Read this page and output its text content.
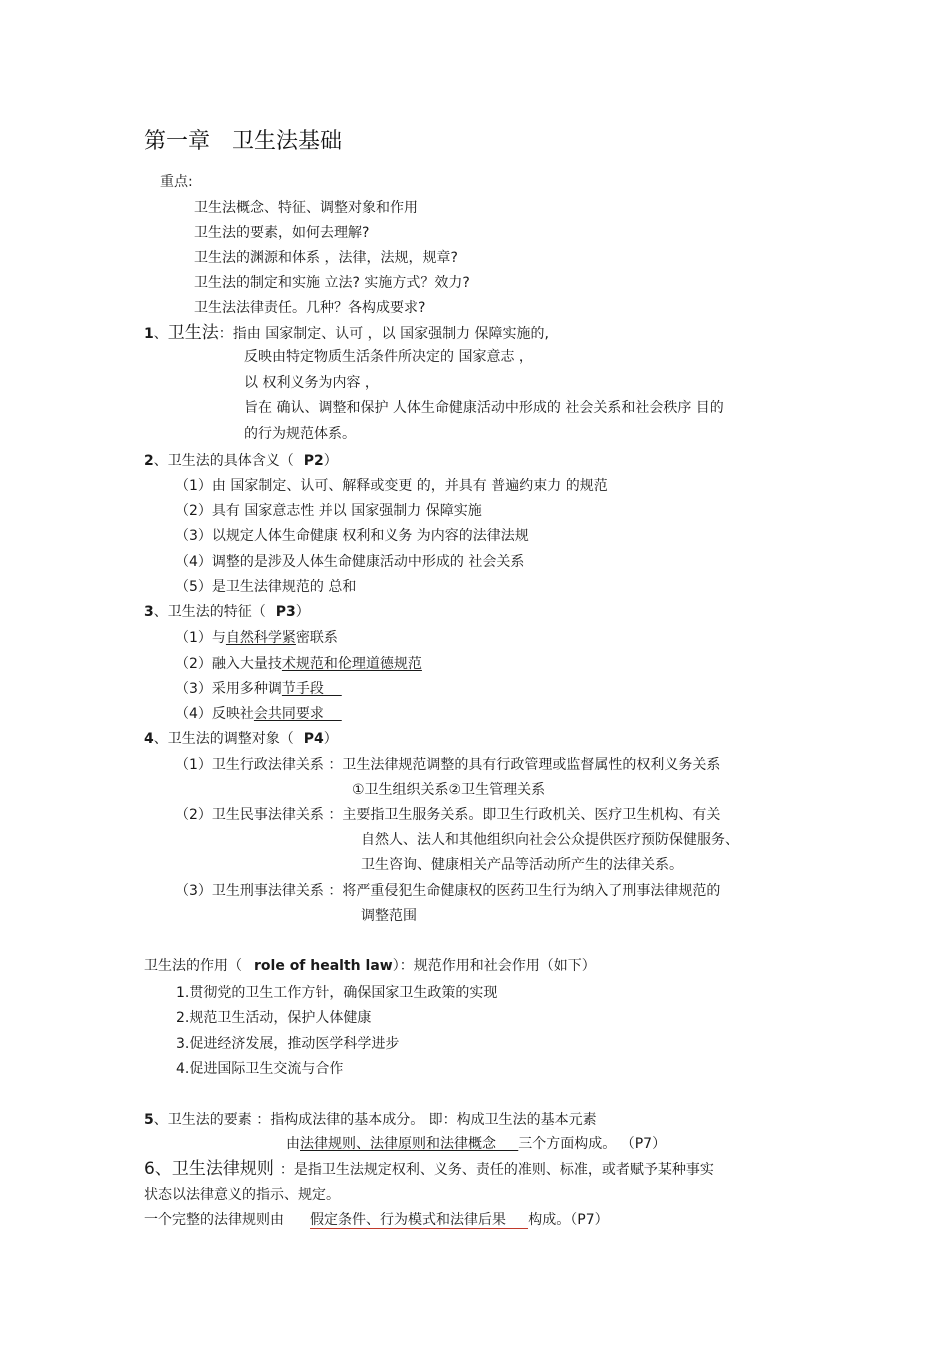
第一章 卫生法基础
重点:
卫生法概念、特征、调整对象和作用
卫生法的要素，如何去理解?
卫生法的渊源和体系 ，法律，法规，规章?
卫生法的制定和实施 立法? 实施方式？效力?
卫生法法律责任。几种？各构成要求?
1、卫生法：指由 国家制定、认可 ，以 国家强制力 保障实施的,
反映由特定物质生活条件所决定的 国家意志 ，
以 权利义务为内容 ，
旨在 确认、调整和保护 人体生命健康活动中形成的 社会关系和社会秩序 目的
的行为规范体系。
2、卫生法的具体含义（ P2）
（1）由 国家制定、认可、解释或变更 的，并具有 普遍约束力 的规范
（2）具有 国家意志性 并以 国家强制力 保障实施
（3）以规定人体生命健康 权利和义务 为内容的法律法规
（4）调整的是涉及人体生命健康活动中形成的 社会关系
（5）是卫生法律规范的 总和
3、卫生法的特征（ P3）
（1）与自然科学紧密联系
（2）融入大量技术规范和伦理道德规范
（3）采用多种调节手段
（4）反映社会共同要求
4、卫生法的调整对象（ P4）
（1）卫生行政法律关系 ：卫生法律规范调整的具有行政管理或监督属性的权利义务关系
①卫生组织关系②卫生管理关系
（2）卫生民事法律关系 ：主要指卫生服务关系。即卫生行政机关、医疗卫生机构、有关
自然人、法人和其他组织向社会公众提供医疗预防保健服务、
卫生咨询、健康相关产品等活动所产生的法律关系。
（3）卫生刑事法律关系 ：将严重侵犯生命健康权的医药卫生行为纳入了刑事法律规范的
调整范围
卫生法的作用（ role of health law）：规范作用和社会作用（如下）
1.贯彻党的卫生工作方针，确保国家卫生政策的实现
2.规范卫生活动，保护人体健康
3.促进经济发展，推动医学科学进步
4.促进国际卫生交流与合作
5、卫生法的要素 ：指构成法律的基本成分。 即：构成卫生法的基本元素
由法律规则、法律原则和法律概念     三个方面构成。 （P7）
6、卫生法律规则 ：是指卫生法规定权利、义务、责任的准则、标准，或者赋予某种事实
状态以法律意义的指示、规定。
一个完整的法律规则由 假定条件、行为模式和法律后果     构成。（P7）
